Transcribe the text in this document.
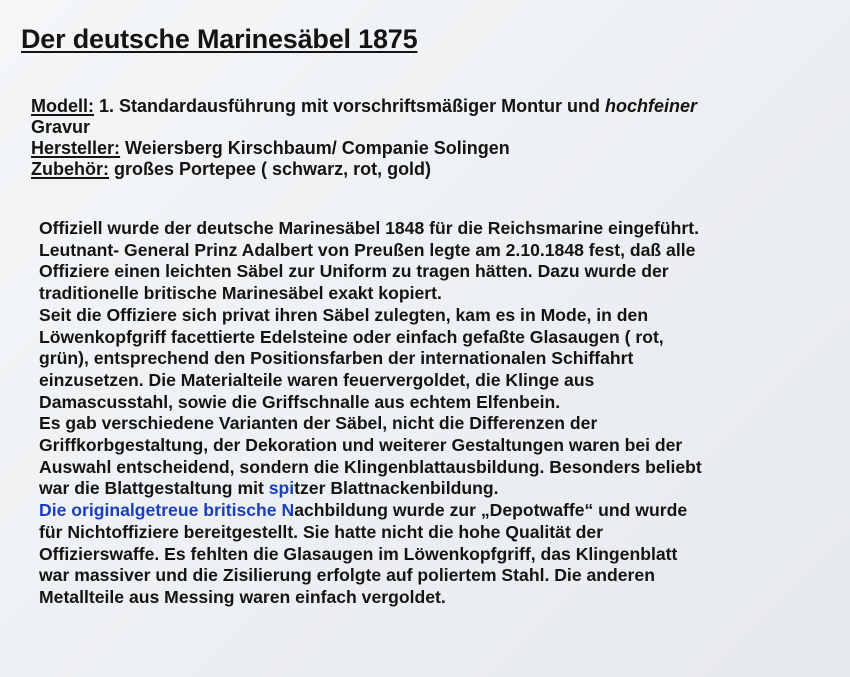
Der deutsche Marinesäbel 1875

Modell: 1. Standardausführung mit vorschriftsmäßiger Montur und hochfeiner
Gravur

Hersteller: Weiersberg Kirschbaum/ Companie Solingen

Zubehör: großes Portepee ( schwarz, rot, gold)

Offiziell wurde der deutsche Marinesäbel 1848 für die Reichsmarine eingeführt.
Leutnant- General Prinz Adalbert von Preußen legte am 2.10.1848 fest, daß alle
Offiziere einen leichten Säbel zur Uniform zu tragen hätten. Dazu wurde der
traditionelle britische Marinesäbel exakt kopiert.
Seit die Offiziere sich privat ihren Säbel zulegten, kam es in Mode, in den
Löwenkopfgriff facettierte Edelsteine oder einfach gefaßte Glasaugen ( rot,
grün), entsprechend den Positionsfarben der internationalen Schiffahrt
einzusetzen. Die Materialteile waren feuervergoldet, die Klinge aus
Damascusstahl, sowie die Griffschnalle aus echtem Elfenbein.
Es gab verschiedene Varianten der Säbel, nicht die Differenzen der
Griffkorbgestaltung, der Dekoration und weiterer Gestaltungen waren bei der
Auswahl entscheidend, sondern die Klingenblattausbildung. Besonders beliebt
war die Blattgestaltung mit spitzer Blattnackenbildung.
Die originalgetreue britische Nachbildung wurde zur „Depotwaffe“ und wurde
für Nichtoffiziere bereitgestellt. Sie hatte nicht die hohe Qualität der
Offizierswaffe. Es fehlten die Glasaugen im Löwenkopfgriff, das Klingenblatt
war massiver und die Zisilierung erfolgte auf poliertem Stahl. Die anderen
Metallteile aus Messing waren einfach vergoldet.
